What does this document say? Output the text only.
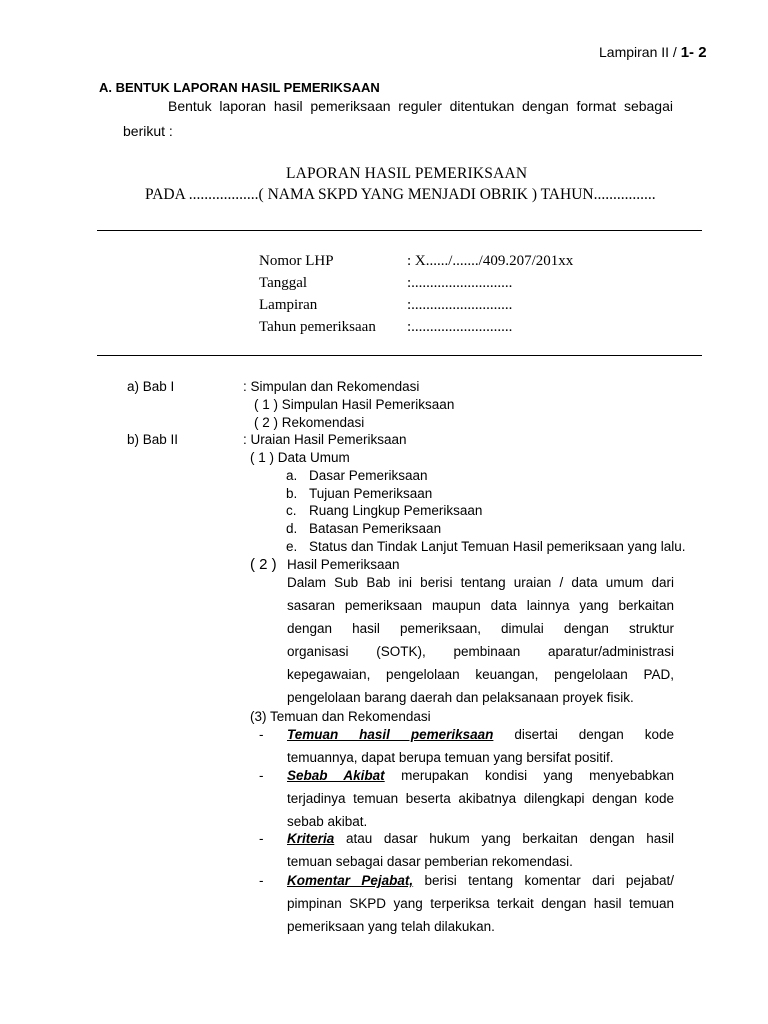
Lampiran II / 1- 2
A. BENTUK LAPORAN HASIL PEMERIKSAAN
Bentuk laporan hasil pemeriksaan reguler ditentukan dengan format sebagai
berikut :
LAPORAN HASIL PEMERIKSAAN
PADA ..................( NAMA SKPD YANG MENJADI OBRIK ) TAHUN................
Nomor LHP	: X....../......./409.207/201xx
Tanggal	:...........................
Lampiran	:...........................
Tahun pemeriksaan :...........................
a) Bab I	: Simpulan dan Rekomendasi
( 1 ) Simpulan Hasil Pemeriksaan
( 2 ) Rekomendasi
b) Bab II	: Uraian Hasil Pemeriksaan
( 1 ) Data Umum
a. Dasar Pemeriksaan
b. Tujuan Pemeriksaan
c. Ruang Lingkup Pemeriksaan
d. Batasan Pemeriksaan
e. Status dan Tindak Lanjut Temuan Hasil pemeriksaan yang lalu.
( 2 ) Hasil Pemeriksaan
Dalam Sub Bab ini berisi tentang uraian / data umum dari
sasaran pemeriksaan maupun data lainnya yang berkaitan
dengan hasil pemeriksaan, dimulai dengan struktur
organisasi (SOTK), pembinaan aparatur/administrasi
kepegawaian, pengelolaan keuangan, pengelolaan PAD,
pengelolaan barang daerah dan pelaksanaan proyek fisik.
(3) Temuan dan Rekomendasi
- Temuan hasil pemeriksaan disertai dengan kode
temuannya, dapat berupa temuan yang bersifat positif.
- Sebab Akibat merupakan kondisi yang menyebabkan
terjadinya temuan beserta akibatnya dilengkapi dengan kode
sebab akibat.
- Kriteria atau dasar hukum yang berkaitan dengan hasil
temuan sebagai dasar pemberian rekomendasi.
- Komentar Pejabat, berisi tentang komentar dari pejabat/
pimpinan SKPD yang terperiksa terkait dengan hasil temuan
pemeriksaan yang telah dilakukan.
